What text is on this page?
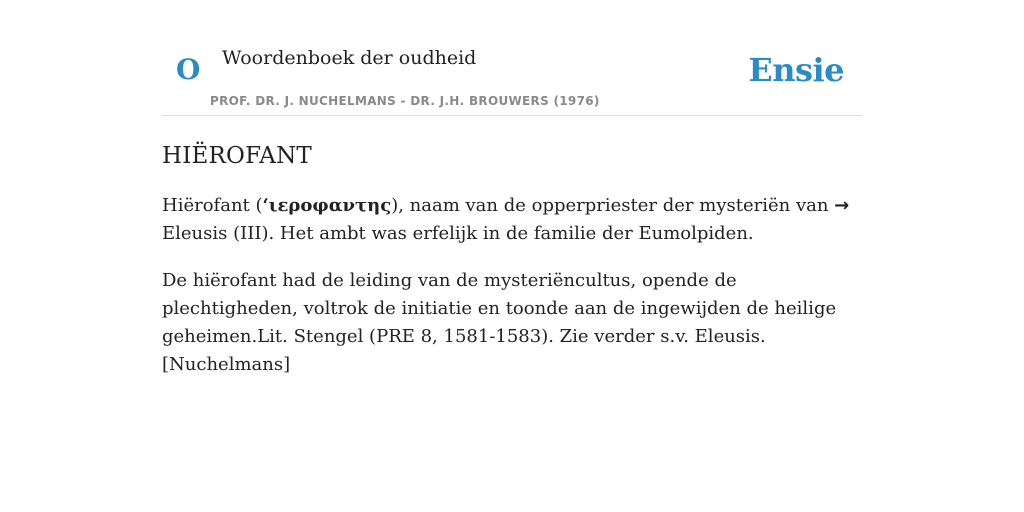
O Woordenboek der oudheid
PROF. DR. J. NUCHELMANS - DR. J.H. BROUWERS (1976)
Ensie
HIËROFANT

Hiërofant (ʻιεροφαντης), naam van de opperpriester der mysteriën van →
Eleusis (III). Het ambt was erfelijk in de familie der Eumolpiden.

De hiërofant had de leiding van de mysteriëncultus, opende de plechtigheden, voltrok de initiatie en toonde aan de ingewijden de heilige geheimen.Lit. Stengel (PRE 8, 1581-1583). Zie verder s.v. Eleusis. [Nuchelmans]
